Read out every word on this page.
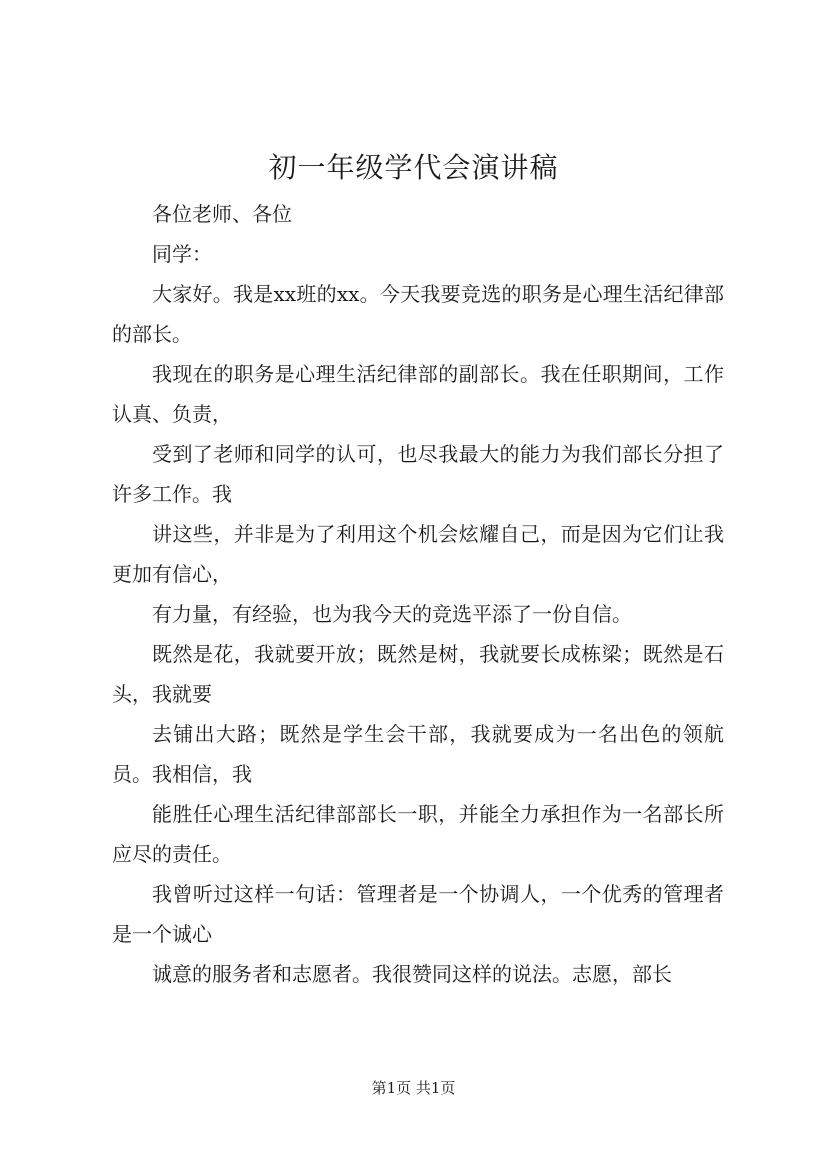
初一年级学代会演讲稿

各位老师、各位

同学：

大家好。我是xx班的xx。今天我要竞选的职务是心理生活纪律部的部长。

我现在的职务是心理生活纪律部的副部长。我在任职期间，工作认真、负责，

受到了老师和同学的认可，也尽我最大的能力为我们部长分担了许多工作。我

讲这些，并非是为了利用这个机会炫耀自己，而是因为它们让我更加有信心，

有力量，有经验，也为我今天的竞选平添了一份自信。

既然是花，我就要开放；既然是树，我就要长成栋梁；既然是石头，我就要

去铺出大路；既然是学生会干部，我就要成为一名出色的领航员。我相信，我

能胜任心理生活纪律部部长一职，并能全力承担作为一名部长所应尽的责任。

我曾听过这样一句话：管理者是一个协调人，一个优秀的管理者是一个诚心

诚意的服务者和志愿者。我很赞同这样的说法。志愿，部长

第1页 共1页
